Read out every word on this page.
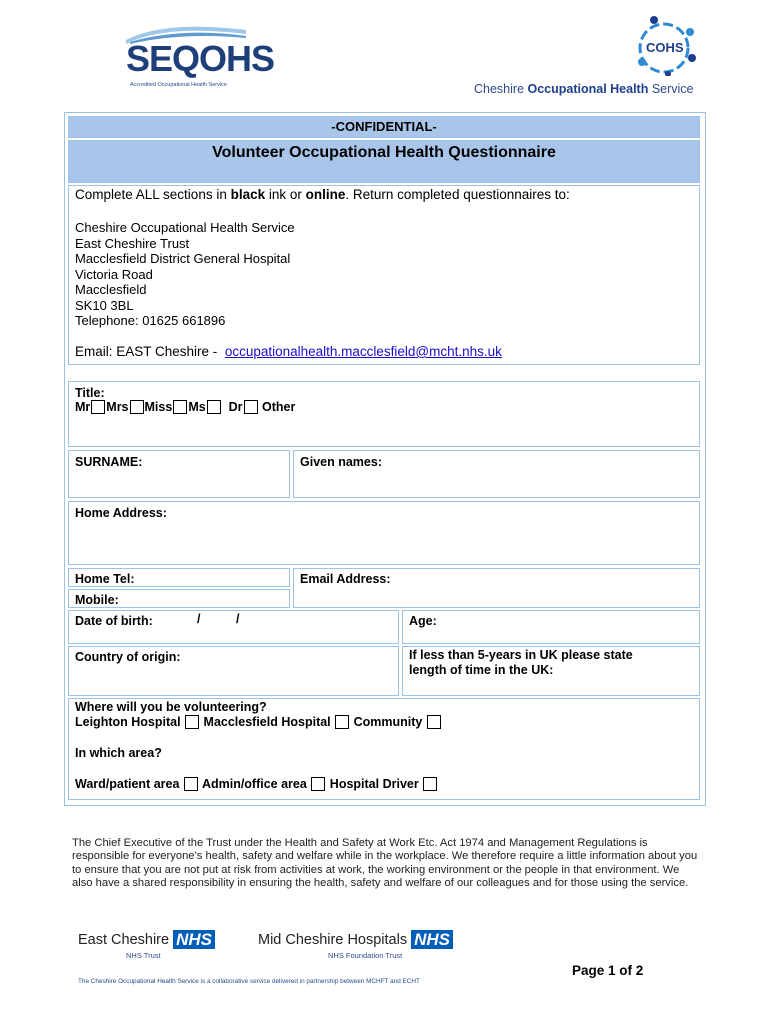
SEQOHS
Accredited Occupational Health Service
COHS
Cheshire Occupational Health Service
-CONFIDENTIAL-
Volunteer Occupational Health Questionnaire
Complete ALL sections in black ink or online. Return completed questionnaires to:
Cheshire Occupational Health Service
East Cheshire Trust
Macclesfield District General Hospital
Victoria Road
Macclesfield
SK10 3BL
Telephone: 01625 661896
Email: EAST Cheshire -  occupationalhealth.macclesfield@mcht.nhs.uk
Title:
Mr Mrs Miss Ms Dr Other
SURNAME:	Given names:
Home Address:
Home Tel:
Mobile:
Email Address:
Date of birth:	/	/	Age:
Country of origin:	If less than 5-years in UK please state
length of time in the UK:
Where will you be volunteering?
Leighton Hospital Macclesfield Hospital Community
In which area?
Ward/patient area Admin/office area Hospital Driver
The Chief Executive of the Trust under the Health and Safety at Work Etc. Act 1974 and Management Regulations is responsible for everyone’s health, safety and welfare while in the workplace. We therefore require a little information about you to ensure that you are not put at risk from activities at work, the working environment or the people in that environment. We also have a shared responsibility in ensuring the health, safety and welfare of our colleagues and for those using the service.
East Cheshire NHS
NHS Trust
Mid Cheshire Hospitals NHS
NHS Foundation Trust
The Cheshire Occupational Health Service is a collaborative service delivered in partnership between MCHFT and ECHT
Page 1 of 2
